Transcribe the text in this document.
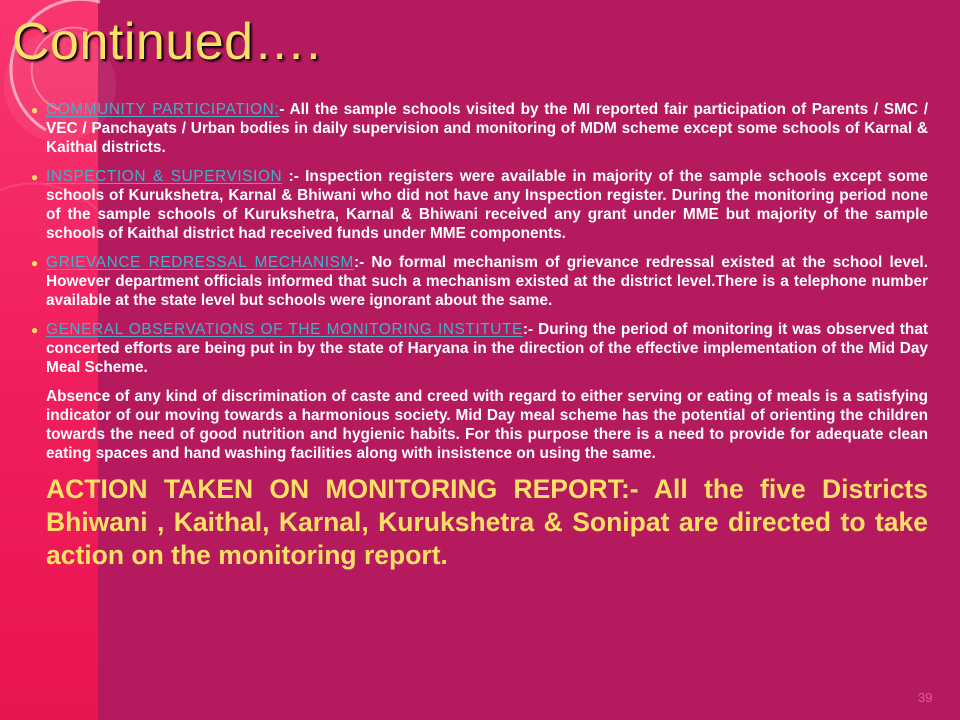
Continued….
● COMMUNITY PARTICIPATION:- All the sample schools visited by the MI reported fair participation of Parents / SMC / VEC / Panchayats / Urban bodies in daily supervision and monitoring of MDM scheme except some schools of Karnal & Kaithal districts.
● INSPECTION & SUPERVISION :- Inspection registers were available in majority of the sample schools except some schools of Kurukshetra, Karnal & Bhiwani who did not have any Inspection register. During the monitoring period none of the sample schools of Kurukshetra, Karnal & Bhiwani received any grant under MME but majority of the sample schools of Kaithal district had received funds under MME components.
● GRIEVANCE REDRESSAL MECHANISM:- No formal mechanism of grievance redressal existed at the school level. However department officials informed that such a mechanism existed at the district level.There is a telephone number available at the state level but schools were ignorant about the same.
● GENERAL OBSERVATIONS OF THE MONITORING INSTITUTE:- During the period of monitoring it was observed that concerted efforts are being put in by the state of Haryana in the direction of the effective implementation of the Mid Day Meal Scheme.
Absence of any kind of discrimination of caste and creed with regard to either serving or eating of meals is a satisfying indicator of our moving towards a harmonious society. Mid Day meal scheme has the potential of orienting the children towards the need of good nutrition and hygienic habits. For this purpose there is a need to provide for adequate clean eating spaces and hand washing facilities along with insistence on using the same.
ACTION TAKEN ON MONITORING REPORT:- All the five Districts Bhiwani , Kaithal, Karnal, Kurukshetra & Sonipat are directed to take action on the monitoring report.
39
